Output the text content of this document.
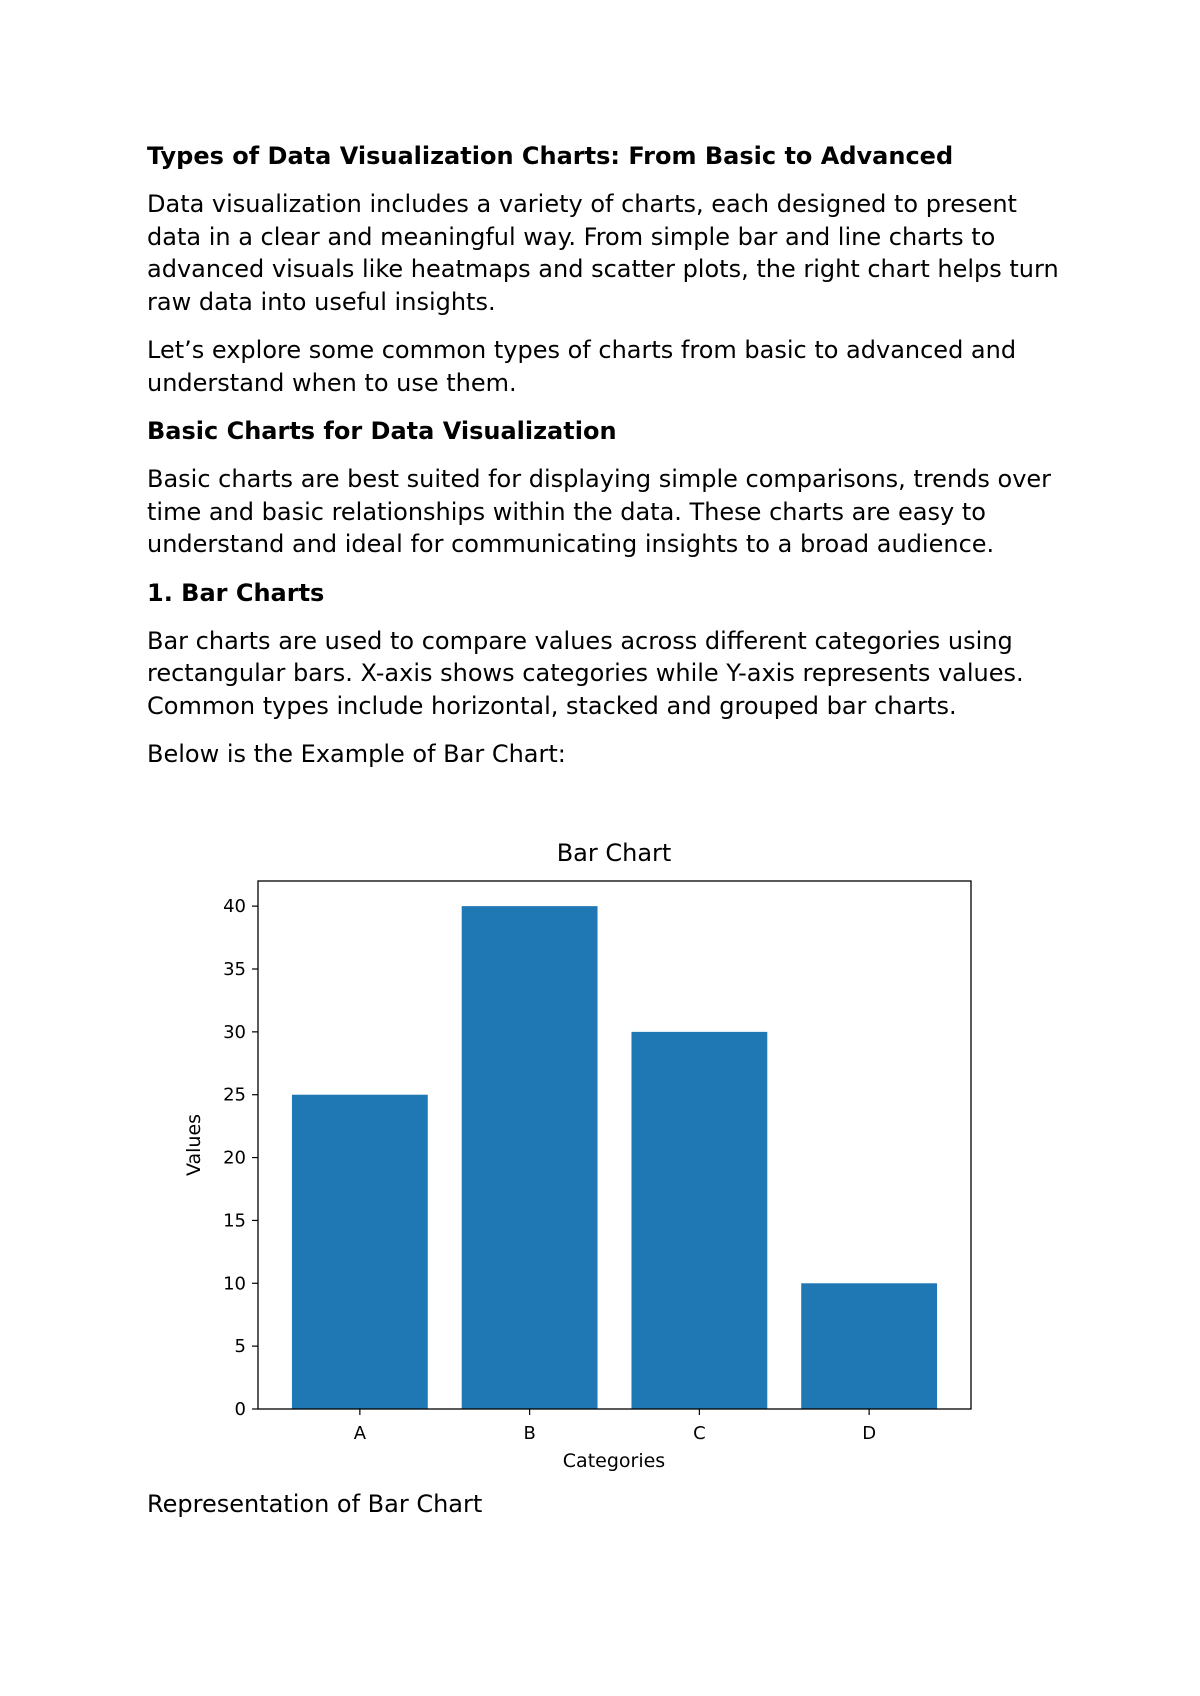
Types of Data Visualization Charts: From Basic to Advanced

Data visualization includes a variety of charts, each designed to present data in a clear and meaningful way. From simple bar and line charts to advanced visuals like heatmaps and scatter plots, the right chart helps turn raw data into useful insights.

Let’s explore some common types of charts from basic to advanced and understand when to use them.

Basic Charts for Data Visualization

Basic charts are best suited for displaying simple comparisons, trends over time and basic relationships within the data. These charts are easy to understand and ideal for communicating insights to a broad audience.

1. Bar Charts

Bar charts are used to compare values across different categories using rectangular bars. X-axis shows categories while Y-axis represents values. Common types include horizontal, stacked and grouped bar charts.

Below is the Example of Bar Chart:

Bar Chart
0
5
10
15
20
25
30
35
40
A	B	C	D
Categories
Values

Representation of Bar Chart
